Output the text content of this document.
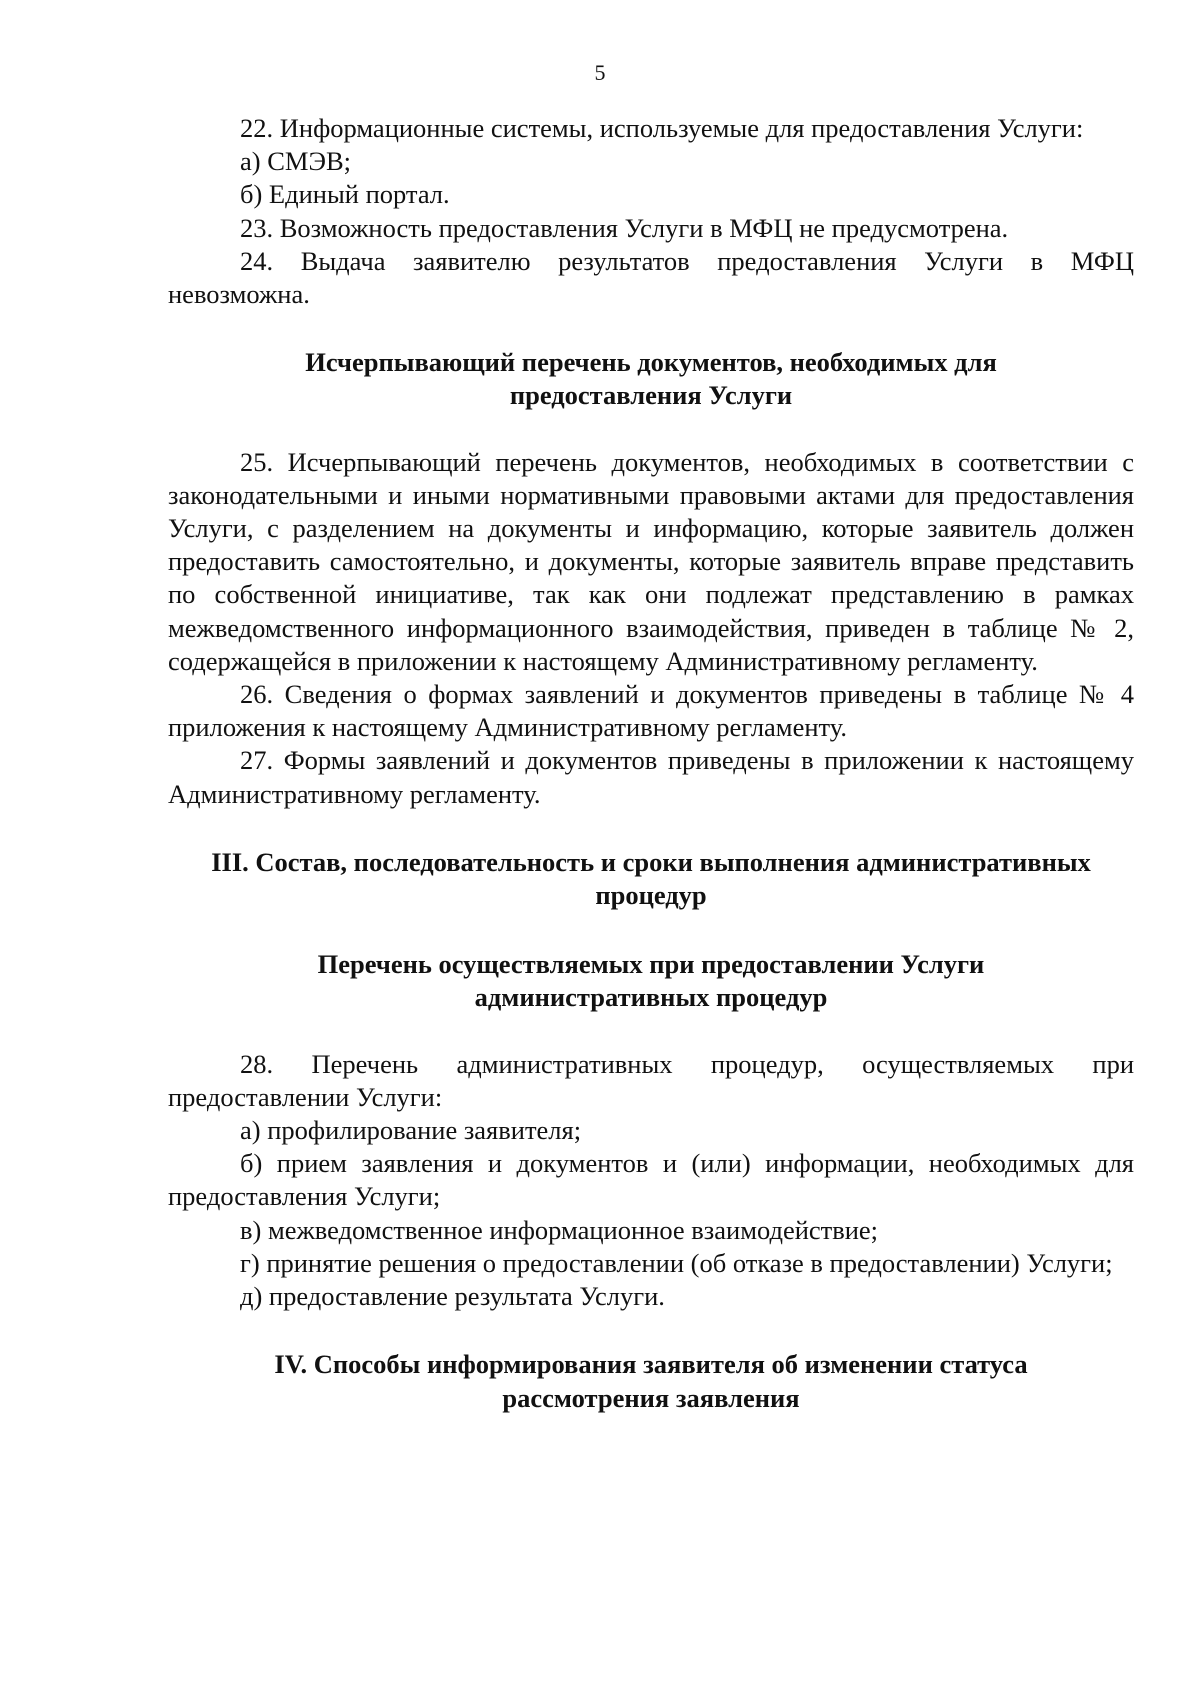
5

22. Информационные системы, используемые для предоставления Услуги:

а) СМЭВ;

б) Единый портал.

23. Возможность предоставления Услуги в МФЦ не предусмотрена.

24. Выдача заявителю результатов предоставления Услуги в МФЦ невозможна.

Исчерпывающий перечень документов, необходимых для

предоставления Услуги

25. Исчерпывающий перечень документов, необходимых в соответствии с законодательными и иными нормативными правовыми актами для предоставления Услуги, с разделением на документы и информацию, которые заявитель должен предоставить самостоятельно, и документы, которые заявитель вправе представить по собственной инициативе, так как они подлежат представлению в рамках межведомственного информационного взаимодействия, приведен в таблице № 2, содержащейся в приложении к настоящему Административному регламенту.

26. Сведения о формах заявлений и документов приведены в таблице № 4 приложения к настоящему Административному регламенту.

27. Формы заявлений и документов приведены в приложении к настоящему Административному регламенту.

III. Состав, последовательность и сроки выполнения административных

процедур

Перечень осуществляемых при предоставлении Услуги

административных процедур

28. Перечень административных процедур, осуществляемых при предоставлении Услуги:

а) профилирование заявителя;

б) прием заявления и документов и (или) информации, необходимых для предоставления Услуги;

в) межведомственное информационное взаимодействие;

г) принятие решения о предоставлении (об отказе в предоставлении) Услуги;

д) предоставление результата Услуги.

IV. Способы информирования заявителя об изменении статуса

рассмотрения заявления
